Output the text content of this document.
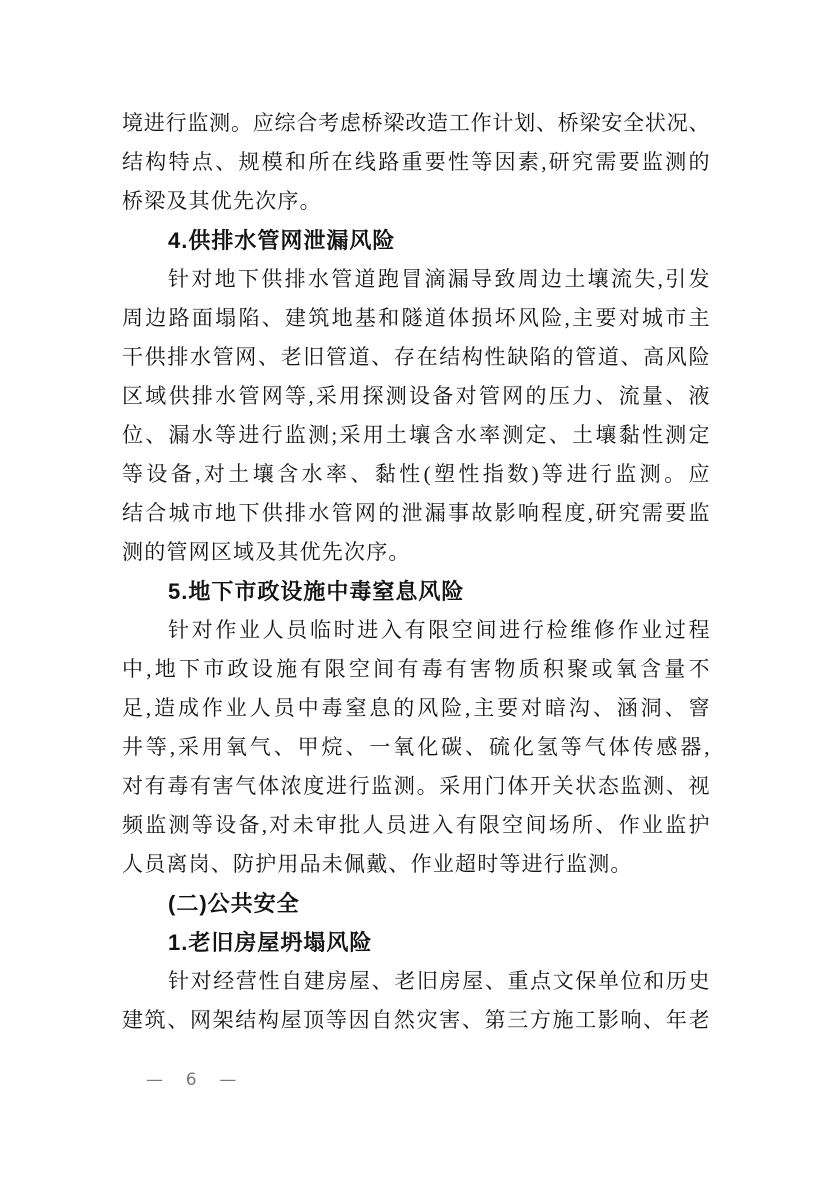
境进行监测。应综合考虑桥梁改造工作计划、桥梁安全状况、

结构特点、规模和所在线路重要性等因素,研究需要监测的

桥梁及其优先次序。

4.供排水管网泄漏风险

针对地下供排水管道跑冒滴漏导致周边土壤流失,引发

周边路面塌陷、建筑地基和隧道体损坏风险,主要对城市主

干供排水管网、老旧管道、存在结构性缺陷的管道、高风险

区域供排水管网等,采用探测设备对管网的压力、流量、液

位、漏水等进行监测;采用土壤含水率测定、土壤黏性测定

等设备,对土壤含水率、黏性(塑性指数)等进行监测。应

结合城市地下供排水管网的泄漏事故影响程度,研究需要监

测的管网区域及其优先次序。

5.地下市政设施中毒窒息风险

针对作业人员临时进入有限空间进行检维修作业过程

中,地下市政设施有限空间有毒有害物质积聚或氧含量不

足,造成作业人员中毒窒息的风险,主要对暗沟、涵洞、窨

井等,采用氧气、甲烷、一氧化碳、硫化氢等气体传感器,

对有毒有害气体浓度进行监测。采用门体开关状态监测、视

频监测等设备,对未审批人员进入有限空间场所、作业监护

人员离岗、防护用品未佩戴、作业超时等进行监测。

(二)公共安全

1.老旧房屋坍塌风险

针对经营性自建房屋、老旧房屋、重点文保单位和历史

建筑、网架结构屋顶等因自然灾害、第三方施工影响、年老

—  6  —
